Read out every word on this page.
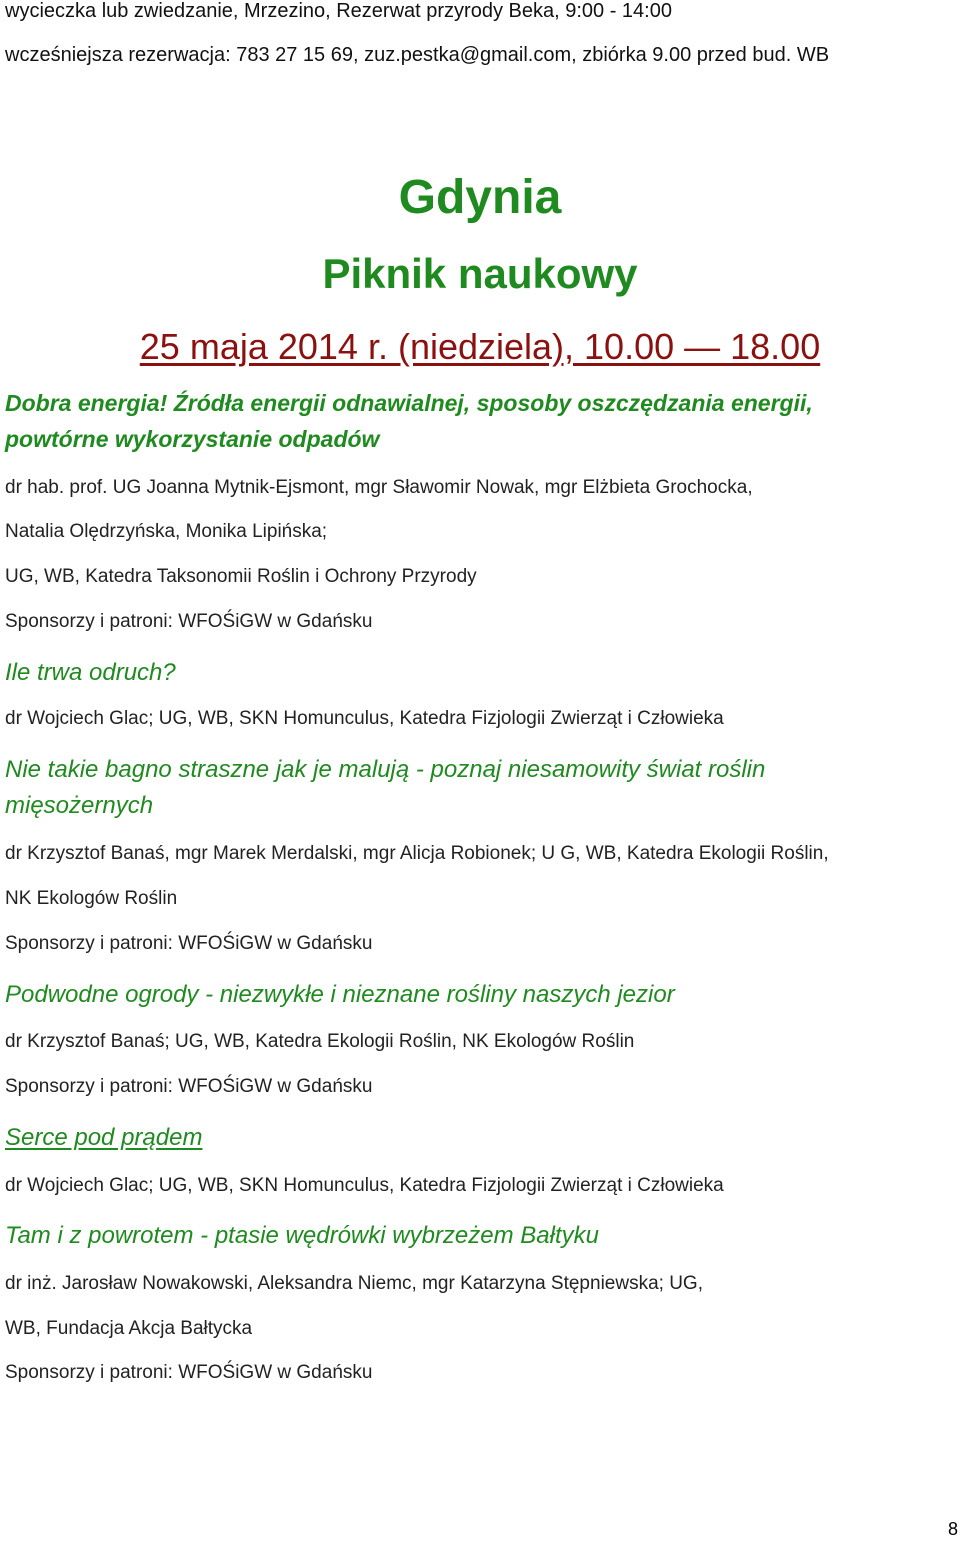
wycieczka lub zwiedzanie, Mrzezino, Rezerwat przyrody Beka, 9:00 - 14:00
wcześniejsza rezerwacja: 783 27 15 69, zuz.pestka@gmail.com, zbiórka 9.00 przed bud. WB
Gdynia
Piknik naukowy
25 maja 2014 r. (niedziela), 10.00 — 18.00
Dobra energia! Źródła energii odnawialnej, sposoby oszczędzania energii,
powtórne wykorzystanie odpadów
dr hab. prof. UG Joanna Mytnik-Ejsmont, mgr Sławomir Nowak, mgr Elżbieta Grochocka,
Natalia Olędrzyńska, Monika Lipińska;
UG, WB, Katedra Taksonomii Roślin i Ochrony Przyrody
Sponsorzy i patroni: WFOŚiGW w Gdańsku
Ile trwa odruch?
dr Wojciech Glac; UG, WB, SKN Homunculus, Katedra Fizjologii Zwierząt i Człowieka
Nie takie bagno straszne jak je malują - poznaj niesamowity świat roślin
mięsożernych
dr Krzysztof Banaś, mgr Marek Merdalski, mgr Alicja Robionek; U G, WB, Katedra Ekologii Roślin,
NK Ekologów Roślin
Sponsorzy i patroni: WFOŚiGW w Gdańsku
Podwodne ogrody - niezwykłe i nieznane rośliny naszych jezior
dr Krzysztof Banaś; UG, WB, Katedra Ekologii Roślin, NK Ekologów Roślin
Sponsorzy i patroni: WFOŚiGW w Gdańsku
Serce pod prądem
dr Wojciech Glac; UG, WB, SKN Homunculus, Katedra Fizjologii Zwierząt i Człowieka
Tam i z powrotem - ptasie wędrówki wybrzeżem Bałtyku
dr inż. Jarosław Nowakowski, Aleksandra Niemc, mgr Katarzyna Stępniewska; UG,
WB, Fundacja Akcja Bałtycka
Sponsorzy i patroni: WFOŚiGW w Gdańsku
8
